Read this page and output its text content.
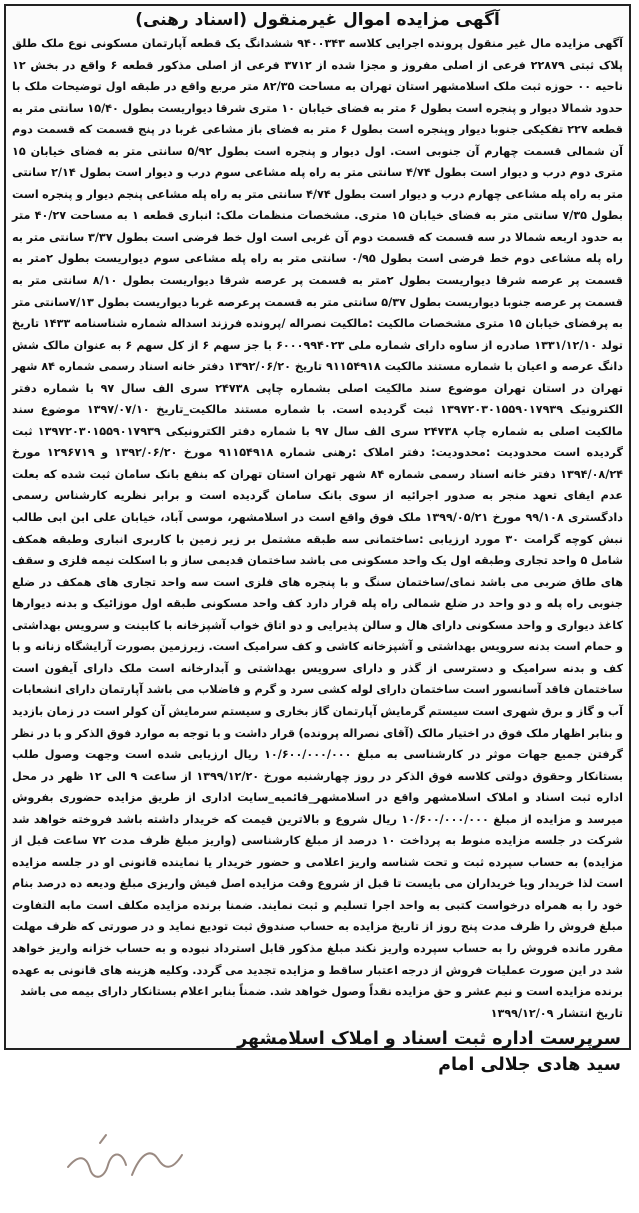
آگهی مزایده اموال غیرمنقول (اسناد رهنی)
آگهی مزایده مال غیر منقول پرونده اجرایی کلاسه ۹۴۰۰۳۴۳ ششدانگ یک قطعه آپارتمان مسکونی نوع ملک طلق پلاک ثبتی ۲۲۸۷۹ فرعی از اصلی مفروز و مجزا شده از ۳۷۱۲ فرعی از اصلی مذکور قطعه ۶ واقع در بخش ۱۲ ناحیه ۰۰ حوزه ثبت ملک اسلامشهر استان تهران به مساحت ۸۲/۳۵ متر مربع واقع در طبقه اول توضیحات ملک با حدود شمالا دیوار و پنجره است بطول ۶ متر به فضای خیابان ۱۰ متری شرقا دیواریست بطول ۱۵/۴۰ سانتی متر به قطعه ۲۲۷ تفکیکی جنوبا دیوار وپنجره است بطول ۶ متر به فضای باز مشاعی غربا در پنج قسمت که قسمت دوم آن شمالی قسمت چهارم آن جنوبی است. اول دیوار و پنجره است بطول ۵/۹۲ سانتی متر به فضای خیابان ۱۵ متری دوم درب و دیوار است بطول ۴/۷۴ سانتی متر به راه پله مشاعی سوم درب و دیوار است بطول ۲/۱۴ سانتی متر به راه پله مشاعی چهارم درب و دیوار است بطول ۴/۷۴ سانتی متر به راه پله مشاعی پنجم دیوار و پنجره است بطول ۷/۳۵ سانتی متر به فضای خیابان ۱۵ متری. مشخصات منظمات ملک: انباری قطعه ۱ به مساحت ۴۰/۲۷ متر به حدود اربعه شمالا در سه قسمت که قسمت دوم آن غربی است اول خط فرضی است بطول ۳/۳۷ سانتی متر به راه پله مشاعی دوم خط فرضی است بطول ۰/۹۵ سانتی متر به راه پله مشاعی سوم دیواریست بطول ۲متر به قسمت پر عرصه شرقا دیواریست بطول ۲متر به قسمت پر عرصه شرقا دیواریست بطول ۸/۱۰ سانتی متر به قسمت پر عرصه جنوبا دیواریست بطول ۵/۳۷ سانتی متر به قسمت پرعرصه غربا دیواریست بطول ۷/۱۳سانتی متر به پرفضای خیابان ۱۵ متری مشخصات مالکیت :مالکیت نصراله /پرونده فرزند اسداله شماره شناسنامه ۱۴۳۳ تاریخ تولد ۱۳۳۱/۱۲/۱۰ صادره از ساوه دارای شماره ملی ۶۰۰۰۹۹۴۰۲۳ با جز سهم ۶ از کل سهم ۶ به عنوان مالک شش دانگ عرصه و اعیان با شماره مستند مالکیت ۹۱۱۵۴۹۱۸ تاریخ ۱۳۹۲/۰۶/۲۰ دفتر خانه اسناد رسمی شماره ۸۴ شهر تهران در استان تهران موضوع سند مالکیت اصلی بشماره چاپی ۲۴۷۳۸ سری الف سال ۹۷ با شماره دفتر الکترونیک ۱۳۹۷۲۰۳۰۱۵۵۹۰۱۷۹۳۹ ثبت گردیده است. با شماره مستند مالکیت_تاریخ ۱۳۹۷/۰۷/۱۰ موضوع سند مالکیت اصلی به شماره چاپ ۲۴۷۳۸ سری الف سال ۹۷ با شماره دفتر الکترونیکی ۱۳۹۷۲۰۳۰۱۵۵۹۰۱۷۹۳۹ ثبت گردیده است محدودیت :محدودیت: دفتر املاک :رهنی شماره ۹۱۱۵۴۹۱۸ مورخ ۱۳۹۲/۰۶/۲۰ و ۱۲۹۶۷۱۹ مورخ ۱۳۹۴/۰۸/۲۴ دفتر خانه اسناد رسمی شماره ۸۴ شهر تهران استان تهران که بنفع بانک سامان ثبت شده که بعلت عدم ایفای تعهد منجر به صدور اجرائیه از سوی بانک سامان گردیده است و برابر نظریه کارشناس رسمی دادگستری ۹۹/۱۰۸ مورخ ۱۳۹۹/۰۵/۲۱ ملک فوق واقع است در اسلامشهر، موسی آباد، خیابان علی ابن ابی طالب نبش کوچه گرامت ۳۰ مورد ارزیابی :ساختمانی سه طبقه مشتمل بر زیر زمین با کاربری انباری وطبقه همکف شامل ۵ واحد تجاری وطبقه اول یک واحد مسکونی می باشد ساختمان قدیمی ساز و با اسکلت نیمه فلزی و سقف های طاق ضربی می باشد نمای/ساختمان سنگ و با پنجره های فلزی است سه واحد تجاری های همکف در ضلع جنوبی راه پله و دو واحد در ضلع شمالی راه پله قرار دارد کف واحد مسکونی طبقه اول موزائیک و بدنه دیوارها کاغذ دیواری و واحد مسکونی دارای هال و سالن پذیرایی و دو اتاق خواب آشپزخانه با کابینت و سرویس بهداشتی و حمام است بدنه سرویس بهداشتی و آشپزخانه کاشی و کف سرامیک است. زیرزمین بصورت آرایشگاه زنانه و با کف و بدنه سرامیک و دسترسی از گذر و دارای سرویس بهداشتی و آبدارخانه است ملک دارای آیفون است ساختمان فاقد آسانسور است ساختمان دارای لوله کشی سرد و گرم و فاضلاب می باشد آپارتمان دارای انشعابات آب و گاز و برق شهری است سیستم گرمایش آپارتمان گاز بخاری و سیستم سرمایش آن کولر است در زمان بازدید و بنابر اظهار ملک فوق در اختیار مالک (آقای نصراله پرونده) قرار داشت و با توجه به موارد فوق الذکر و با در نظر گرفتن جمیع جهات موثر در کارشناسی به مبلغ ۱۰/۶۰۰/۰۰۰/۰۰۰ ریال ارزیابی شده است وجهت وصول طلب بستانکار وحقوق دولتی کلاسه فوق الذکر در روز چهارشنبه مورخ ۱۳۹۹/۱۲/۲۰ از ساعت ۹ الی ۱۲ ظهر در محل اداره ثبت اسناد و املاک اسلامشهر واقع در اسلامشهر_قائمیه_سایت اداری از طریق مزایده حضوری بفروش میرسد و مزایده از مبلغ ۱۰/۶۰۰/۰۰۰/۰۰۰ ریال شروع و بالاترین قیمت که خریدار داشته باشد فروخته خواهد شد شرکت در جلسه مزایده منوط به پرداخت ۱۰ درصد از مبلغ کارشناسی (واریز مبلغ ظرف مدت ۷۲ ساعت قبل از مزایده) به حساب سپرده ثبت و تحت شناسه واریز اعلامی و حضور خریدار یا نماینده قانونی او در جلسه مزایده است لذا خریدار ویا خریداران می بایست تا قبل از شروع وقت مزایده اصل فیش واریزی مبلغ ودیعه ده درصد بنام خود را به همراه درخواست کتبی به واحد اجرا تسلیم و ثبت نمایند. ضمنا برنده مزایده مکلف است مابه التفاوت مبلغ فروش را ظرف مدت پنج روز از تاریخ مزایده به حساب صندوق ثبت تودیع نماید و در صورتی که ظرف مهلت مقرر مانده فروش را به حساب سپرده واریز نکند مبلغ مذکور قابل استرداد نبوده و به حساب خزانه واریز خواهد شد در این صورت عملیات فروش از درجه اعتبار ساقط و مزایده تجدید می گردد. وکلیه هزینه های قانونی به عهده برنده مزایده است و نیم عشر و حق مزایده نقداً وصول خواهد شد. ضمناً بنابر اعلام بستانکار دارای بیمه می باشد
تاریخ انتشار ۱۳۹۹/۱۲/۰۹
سرپرست اداره ثبت اسناد و املاک اسلامشهر
سید هادی جلالی امام
